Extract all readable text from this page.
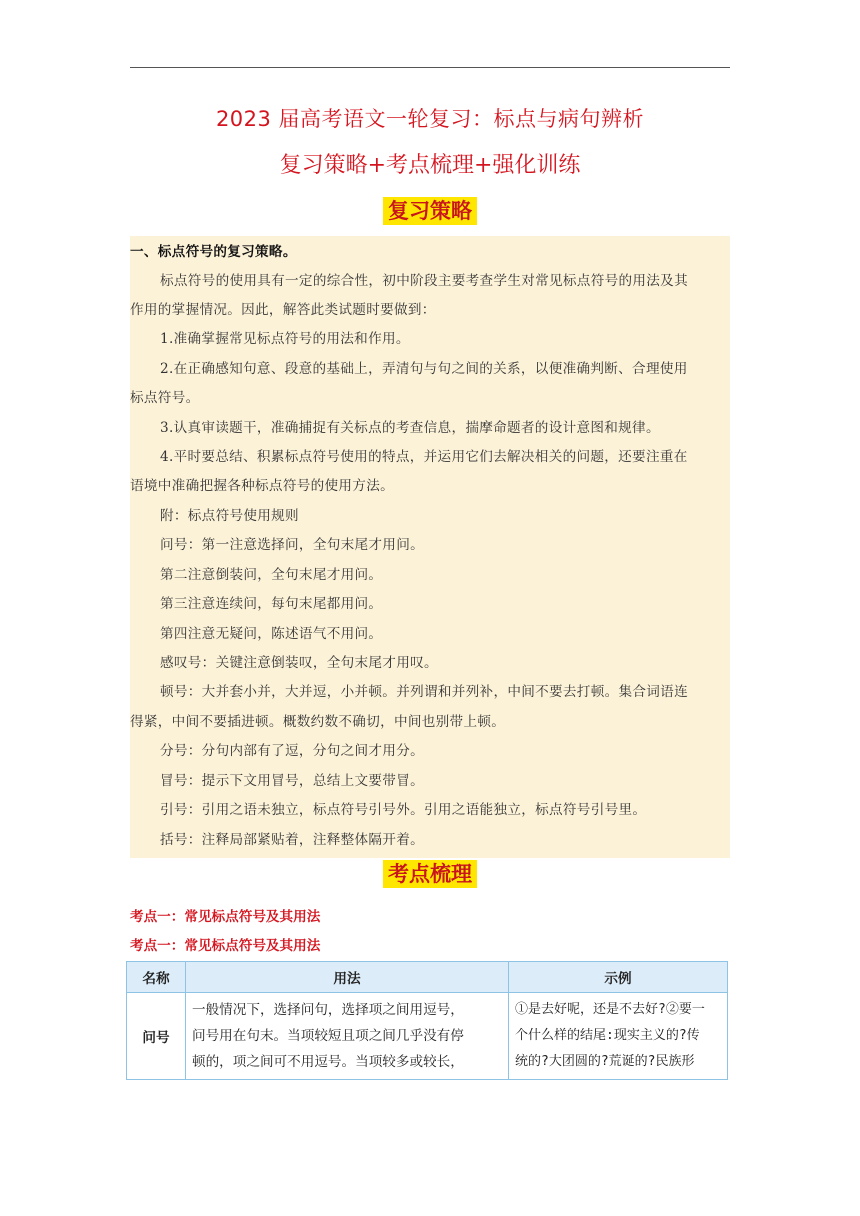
2023 届高考语文一轮复习：标点与病句辨析
复习策略+考点梳理+强化训练
复习策略
一、标点符号的复习策略。
标点符号的使用具有一定的综合性，初中阶段主要考查学生对常见标点符号的用法及其
作用的掌握情况。因此，解答此类试题时要做到：
1.准确掌握常见标点符号的用法和作用。
2.在正确感知句意、段意的基础上，弄清句与句之间的关系，以便准确判断、合理使用
标点符号。
3.认真审读题干，准确捕捉有关标点的考查信息，揣摩命题者的设计意图和规律。
4.平时要总结、积累标点符号使用的特点，并运用它们去解决相关的问题，还要注重在
语境中准确把握各种标点符号的使用方法。
附：标点符号使用规则
问号：第一注意选择问，全句末尾才用问。
第二注意倒装问，全句末尾才用问。
第三注意连续问，每句末尾都用问。
第四注意无疑问，陈述语气不用问。
感叹号：关键注意倒装叹，全句末尾才用叹。
顿号：大并套小并，大并逗，小并顿。并列谓和并列补，中间不要去打顿。集合词语连
得紧，中间不要插进顿。概数约数不确切，中间也别带上顿。
分号：分句内部有了逗，分句之间才用分。
冒号：提示下文用冒号，总结上文要带冒。
引号：引用之语未独立，标点符号引号外。引用之语能独立，标点符号引号里。
括号：注释局部紧贴着，注释整体隔开着。
考点梳理
考点一：常见标点符号及其用法
考点一：常见标点符号及其用法
名称	用法	示例
问号	一般情况下，选择问句，选择项之间用逗号，
问号用在句末。当项较短且项之间几乎没有停
顿的，项之间可不用逗号。当项较多或较长，	①是去好呢，还是不去好?②要一
个什么样的结尾:现实主义的?传
统的?大团圆的?荒诞的?民族形
